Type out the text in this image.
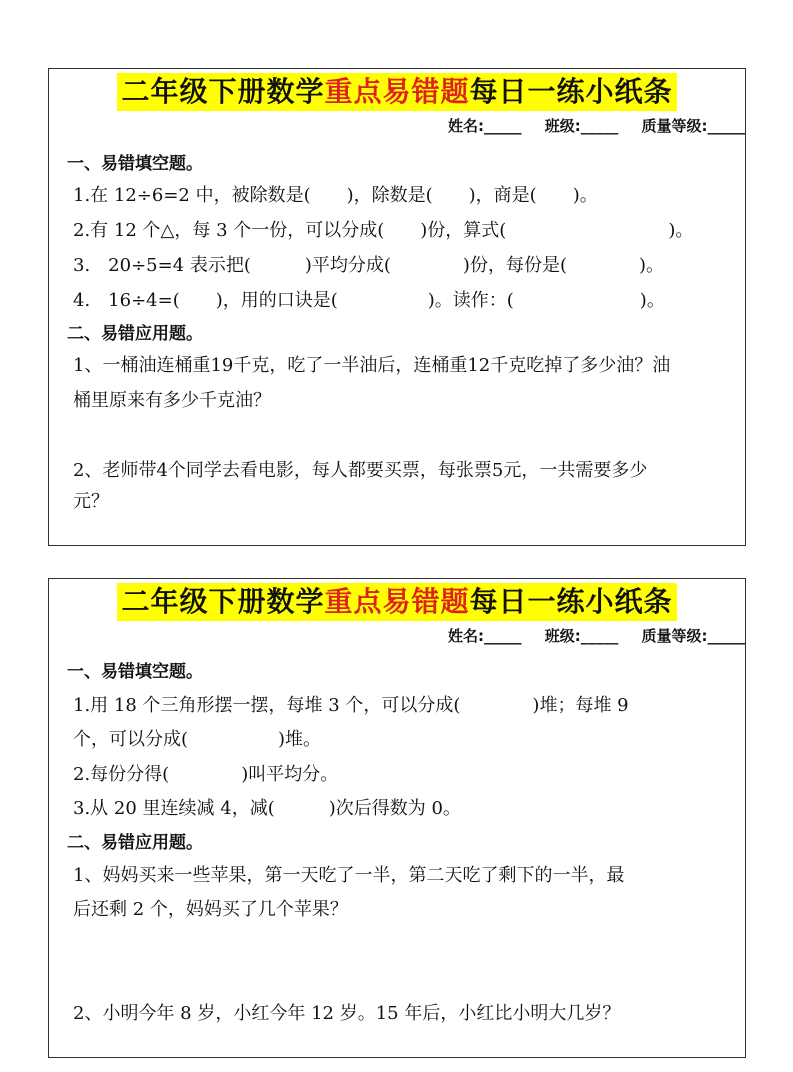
二年级下册数学重点易错题每日一练小纸条
姓名:_____ 班级:_____ 质量等级:_____
一、易错填空题。
1.在 12÷6=2 中，被除数是(　　)，除数是(　　)，商是(　　)。
2.有 12 个△，每 3 个一份，可以分成(　　)份，算式(　　　　　　　　　)。
3.　20÷5=4 表示把(　　　)平均分成(　　　　)份，每份是(　　　　)。
4.　16÷4=(　　)，用的口诀是(　　　　　)。读作：(　　　　　　　)。
二、易错应用题。
1、一桶油连桶重19千克，吃了一半油后，连桶重12千克吃掉了多少油？油
桶里原来有多少千克油？
2、老师带4个同学去看电影，每人都要买票，每张票5元，一共需要多少
元？
二年级下册数学重点易错题每日一练小纸条
姓名:_____ 班级:_____ 质量等级:_____
一、易错填空题。
1.用 18 个三角形摆一摆，每堆 3 个，可以分成(　　　　)堆；每堆 9
个，可以分成(　　　　　)堆。
2.每份分得(　　　　)叫平均分。
3.从 20 里连续减 4，减(　　　)次后得数为 0。
二、易错应用题。
1、妈妈买来一些苹果，第一天吃了一半，第二天吃了剩下的一半，最
后还剩 2 个，妈妈买了几个苹果？
2、小明今年 8 岁，小红今年 12 岁。15 年后，小红比小明大几岁？
